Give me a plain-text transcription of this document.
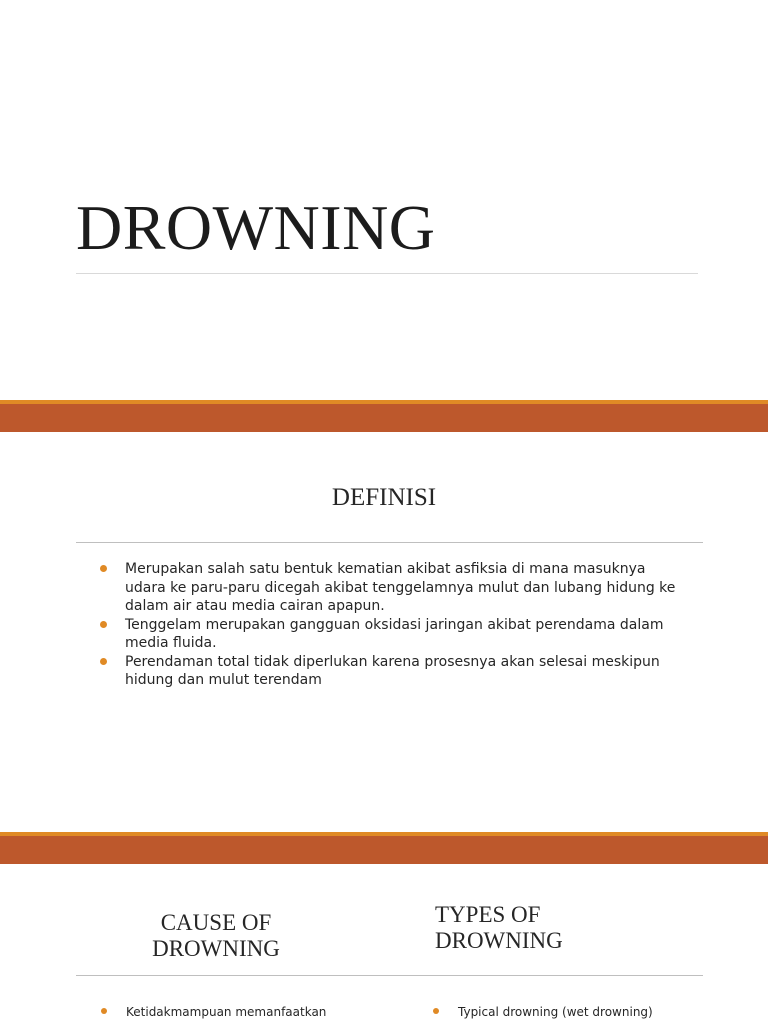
DROWNING
DEFINISI
Merupakan salah satu bentuk kematian akibat asfiksia di mana masuknya udara ke paru-paru dicegah akibat tenggelamnya mulut dan lubang hidung ke dalam air atau media cairan apapun.
Tenggelam merupakan gangguan oksidasi jaringan akibat perendama dalam media fluida.
Perendaman total tidak diperlukan karena prosesnya akan selesai meskipun hidung dan mulut terendam
CAUSE OF DROWNING
TYPES OF DROWNING
Ketidakmampuan memanfaatkan	Typical drowning (wet drowning)
